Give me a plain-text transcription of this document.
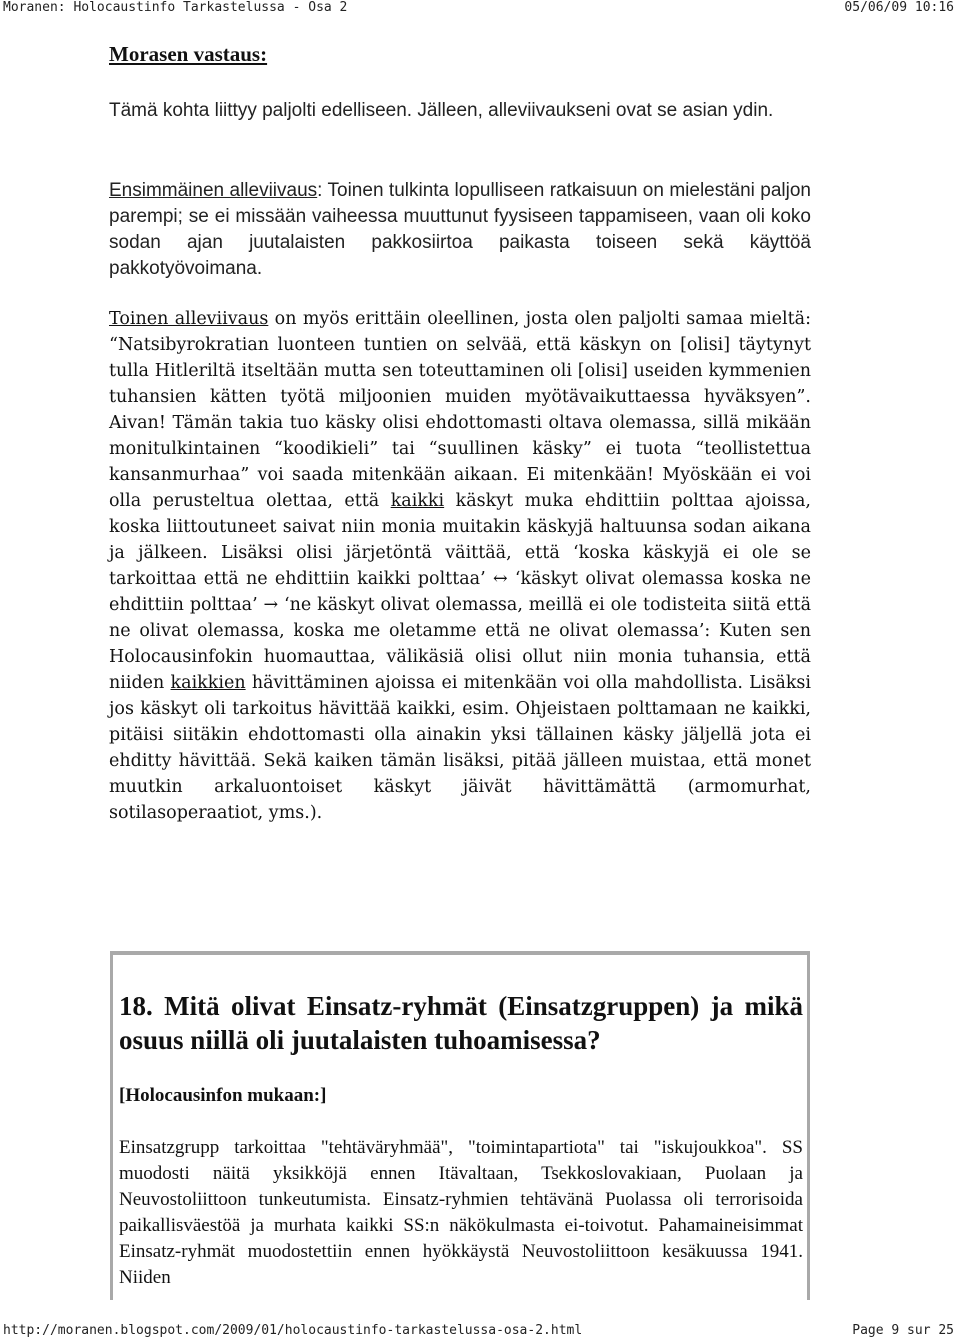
Moranen: Holocaustinfo Tarkastelussa - Osa 2	05/06/09 10:16
Morasen vastaus:

Tämä kohta liittyy paljolti edelliseen. Jälleen, alleviivaukseni ovat se asian ydin.

Ensimmäinen alleviivaus: Toinen tulkinta lopulliseen ratkaisuun on mielestäni paljon parempi; se ei missään vaiheessa muuttunut fyysiseen tappamiseen, vaan oli koko sodan ajan juutalaisten pakkosiirtoa paikasta toiseen sekä käyttöä pakkotyövoimana.

Toinen alleviivaus on myös erittäin oleellinen, josta olen paljolti samaa mieltä: “Natsibyrokratian luonteen tuntien on selvää, että käskyn on [olisi] täytynyt tulla Hitleriltä itseltään mutta sen toteuttaminen oli [olisi] useiden kymmenien tuhansien kätten työtä miljoonien muiden myötävaikuttaessa hyväksyen”. Aivan! Tämän takia tuo käsky olisi ehdottomasti oltava olemassa, sillä mikään monitulkintainen “koodikieli” tai “suullinen käsky” ei tuota “teollistettua kansanmurhaa” voi saada mitenkään aikaan. Ei mitenkään! Myöskään ei voi olla perusteltua olettaa, että kaikki käskyt muka ehdittiin polttaa ajoissa, koska liittoutuneet saivat niin monia muitakin käskyjä haltuunsa sodan aikana ja jälkeen. Lisäksi olisi järjetöntä väittää, että ‘koska käskyjä ei ole se tarkoittaa että ne ehdittiin kaikki polttaa’ ↔ ‘käskyt olivat olemassa koska ne ehdittiin polttaa’ → ‘ne käskyt olivat olemassa, meillä ei ole todisteita siitä että ne olivat olemassa, koska me oletamme että ne olivat olemassa’: Kuten sen Holocausinfokin huomauttaa, välikäsiä olisi ollut niin monia tuhansia, että niiden kaikkien hävittäminen ajoissa ei mitenkään voi olla mahdollista. Lisäksi jos käskyt oli tarkoitus hävittää kaikki, esim. Ohjeistaen polttamaan ne kaikki, pitäisi siitäkin ehdottomasti olla ainakin yksi tällainen käsky jäljellä jota ei ehditty hävittää. Sekä kaiken tämän lisäksi, pitää jälleen muistaa, että monet muutkin arkaluontoiset käskyt jäivät hävittämättä (armomurhat, sotilasoperaatiot, yms.).

18. Mitä olivat Einsatz-ryhmät (Einsatzgruppen) ja mikä osuus niillä oli juutalaisten tuhoamisessa?
[Holocausinfon mukaan:]

Einsatzgrupp tarkoittaa "tehtäväryhmää", "toimintapartiota" tai "iskujoukkoa". SS muodosti näitä yksikköjä ennen Itävaltaan, Tsekkoslovakiaan, Puolaan ja Neuvostoliittoon tunkeutumista. Einsatz-ryhmien tehtävänä Puolassa oli terrorisoida paikallisväestöä ja murhata kaikki SS:n näkökulmasta ei-toivotut. Pahamaineisimmat Einsatz-ryhmät muodostettiin ennen hyökkäystä Neuvostoliittoon kesäkuussa 1941. Niiden

http://moranen.blogspot.com/2009/01/holocaustinfo-tarkastelussa-osa-2.html	Page 9 sur 25
